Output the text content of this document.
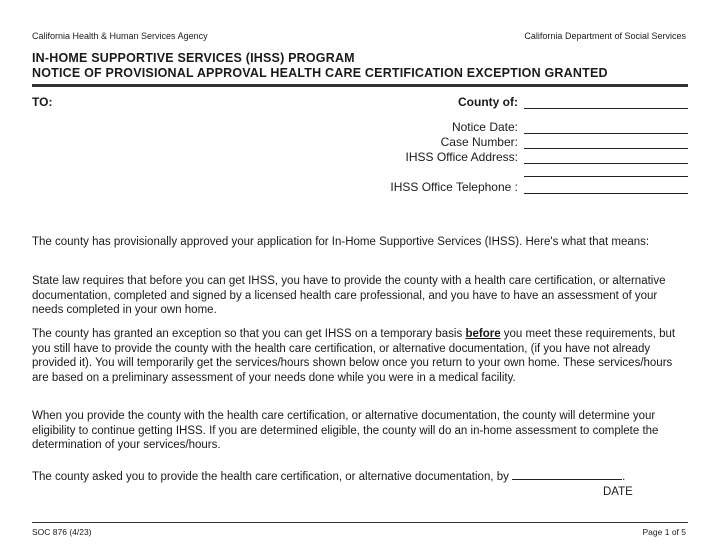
California Health & Human Services Agency	California Department of Social Services
IN-HOME SUPPORTIVE SERVICES (IHSS) PROGRAM
NOTICE OF PROVISIONAL APPROVAL HEALTH CARE CERTIFICATION EXCEPTION GRANTED
TO:	County of:
Notice Date:
Case Number:
IHSS Office Address:
IHSS Office Telephone :
The county has provisionally approved your application for In-Home Supportive Services (IHSS). Here's what that means:
State law requires that before you can get IHSS, you have to provide the county with a health care certification, or alternative documentation, completed and signed by a licensed health care professional, and you have to have an assessment of your needs completed in your own home.
The county has granted an exception so that you can get IHSS on a temporary basis before you meet these requirements, but you still have to provide the county with the health care certification, or alternative documentation, (if you have not already provided it). You will temporarily get the services/hours shown below once you return to your own home. These services/hours are based on a preliminary assessment of your needs done while you were in a medical facility.
When you provide the county with the health care certification, or alternative documentation, the county will determine your eligibility to continue getting IHSS. If you are determined eligible, the county will do an in-home assessment to complete the determination of your services/hours.
The county asked you to provide the health care certification, or alternative documentation, by	.
DATE
SOC 876 (4/23)	Page 1 of 5
